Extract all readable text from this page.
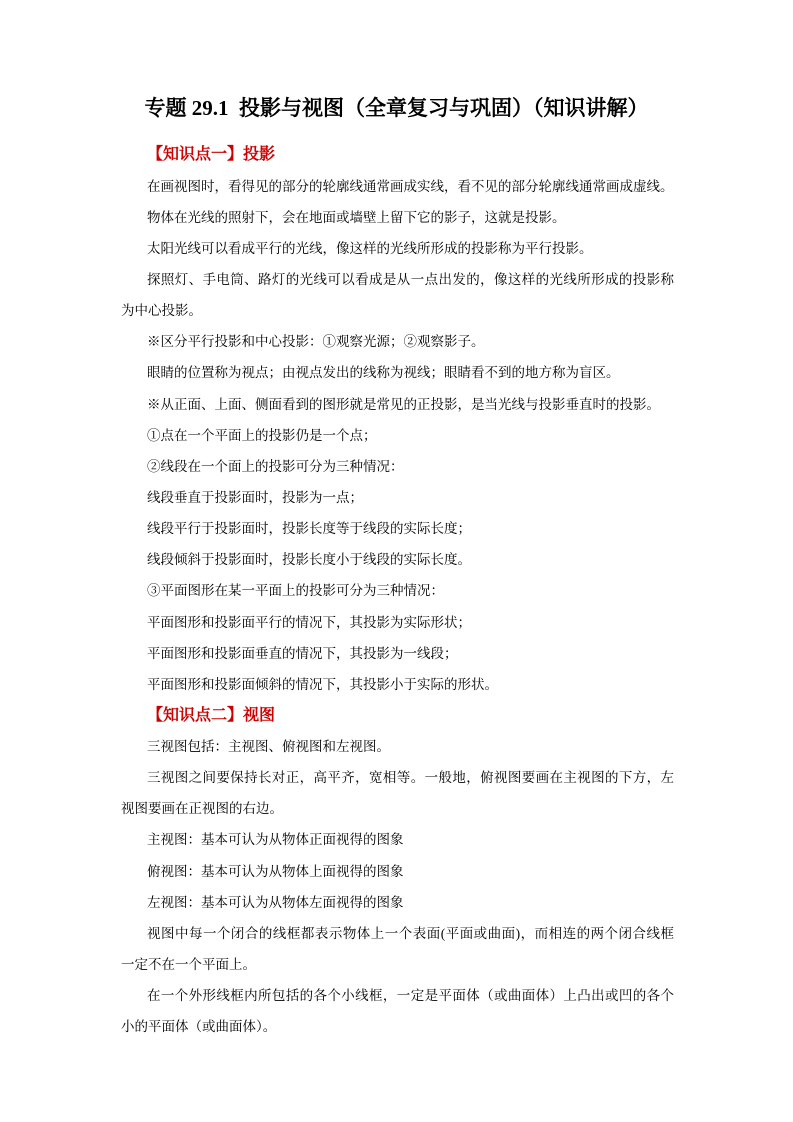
专题 29.1  投影与视图（全章复习与巩固）（知识讲解）
【知识点一】投影
在画视图时，看得见的部分的轮廓线通常画成实线，看不见的部分轮廓线通常画成虚线。
物体在光线的照射下，会在地面或墙壁上留下它的影子，这就是投影。
太阳光线可以看成平行的光线，像这样的光线所形成的投影称为平行投影。
探照灯、手电筒、路灯的光线可以看成是从一点出发的，像这样的光线所形成的投影称
为中心投影。
※区分平行投影和中心投影：①观察光源；②观察影子。
眼睛的位置称为视点；由视点发出的线称为视线；眼睛看不到的地方称为盲区。
※从正面、上面、侧面看到的图形就是常见的正投影，是当光线与投影垂直时的投影。
①点在一个平面上的投影仍是一个点；
②线段在一个面上的投影可分为三种情况：
线段垂直于投影面时，投影为一点；
线段平行于投影面时，投影长度等于线段的实际长度；
线段倾斜于投影面时，投影长度小于线段的实际长度。
③平面图形在某一平面上的投影可分为三种情况：
平面图形和投影面平行的情况下，其投影为实际形状；
平面图形和投影面垂直的情况下，其投影为一线段；
平面图形和投影面倾斜的情况下，其投影小于实际的形状。
【知识点二】视图
三视图包括：主视图、俯视图和左视图。
三视图之间要保持长对正，高平齐，宽相等。一般地，俯视图要画在主视图的下方，左
视图要画在正视图的右边。
主视图：基本可认为从物体正面视得的图象
俯视图：基本可认为从物体上面视得的图象
左视图：基本可认为从物体左面视得的图象
视图中每一个闭合的线框都表示物体上一个表面(平面或曲面)，而相连的两个闭合线框
一定不在一个平面上。
在一个外形线框内所包括的各个小线框，一定是平面体（或曲面体）上凸出或凹的各个
小的平面体（或曲面体）。
